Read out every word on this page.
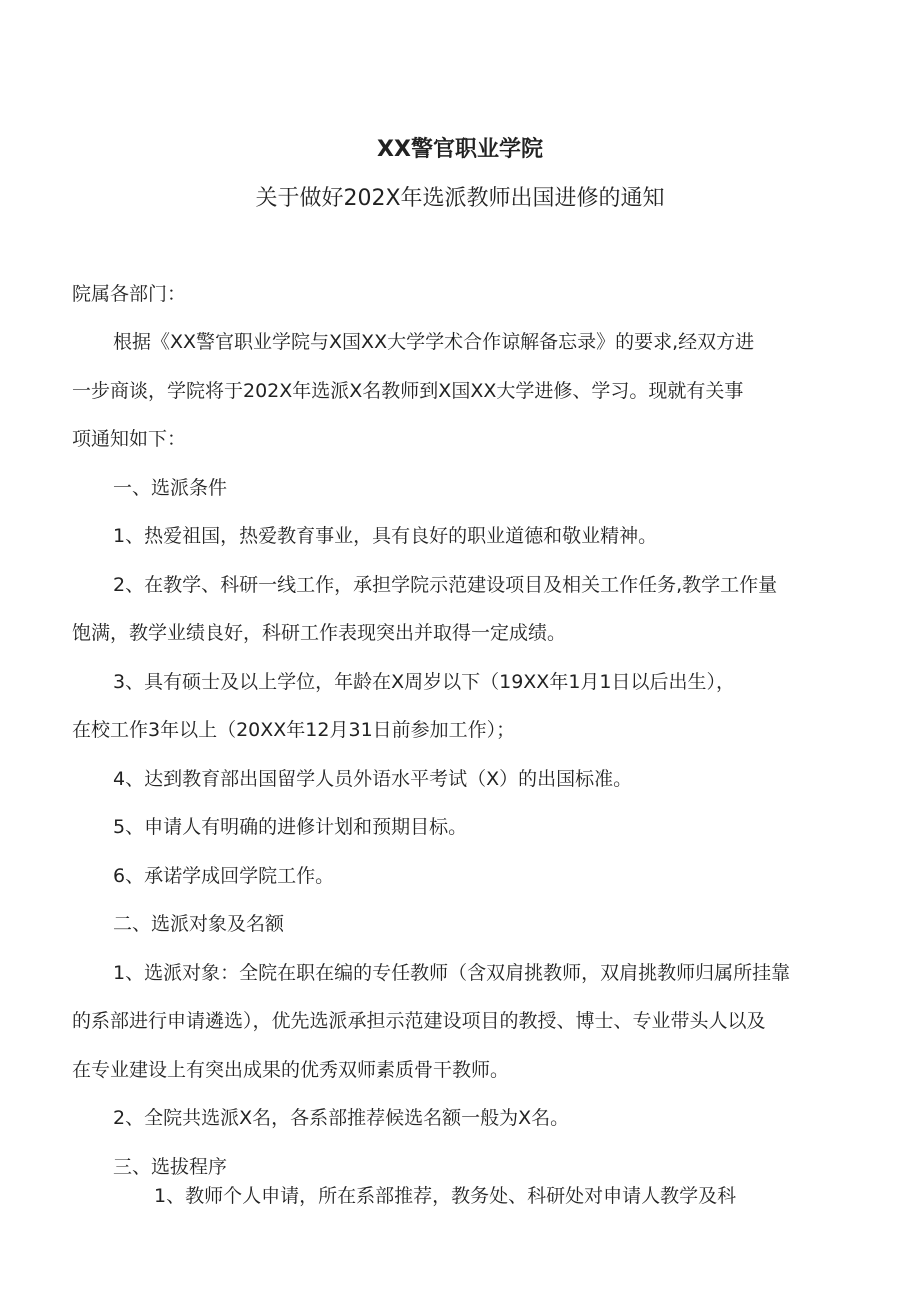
XX警官职业学院
关于做好202X年选派教师出国进修的通知
院属各部门：
根据《XX警官职业学院与X国XX大学学术合作谅解备忘录》的要求,经双方进
一步商谈，学院将于202X年选派X名教师到X国XX大学进修、学习。现就有关事
项通知如下：
一、选派条件
1、热爱祖国，热爱教育事业，具有良好的职业道德和敬业精神。
2、在教学、科研一线工作，承担学院示范建设项目及相关工作任务,教学工作量
饱满，教学业绩良好，科研工作表现突出并取得一定成绩。
3、具有硕士及以上学位，年龄在X周岁以下（19XX年1月1日以后出生），
在校工作3年以上（20XX年12月31日前参加工作）；
4、达到教育部出国留学人员外语水平考试（X）的出国标准。
5、申请人有明确的进修计划和预期目标。
6、承诺学成回学院工作。
二、选派对象及名额
1、选派对象：全院在职在编的专任教师（含双肩挑教师，双肩挑教师归属所挂靠
的系部进行申请遴选），优先选派承担示范建设项目的教授、博士、专业带头人以及
在专业建设上有突出成果的优秀双师素质骨干教师。
2、全院共选派X名，各系部推荐候选名额一般为X名。
三、选拔程序
1、教师个人申请，所在系部推荐，教务处、科研处对申请人教学及科
